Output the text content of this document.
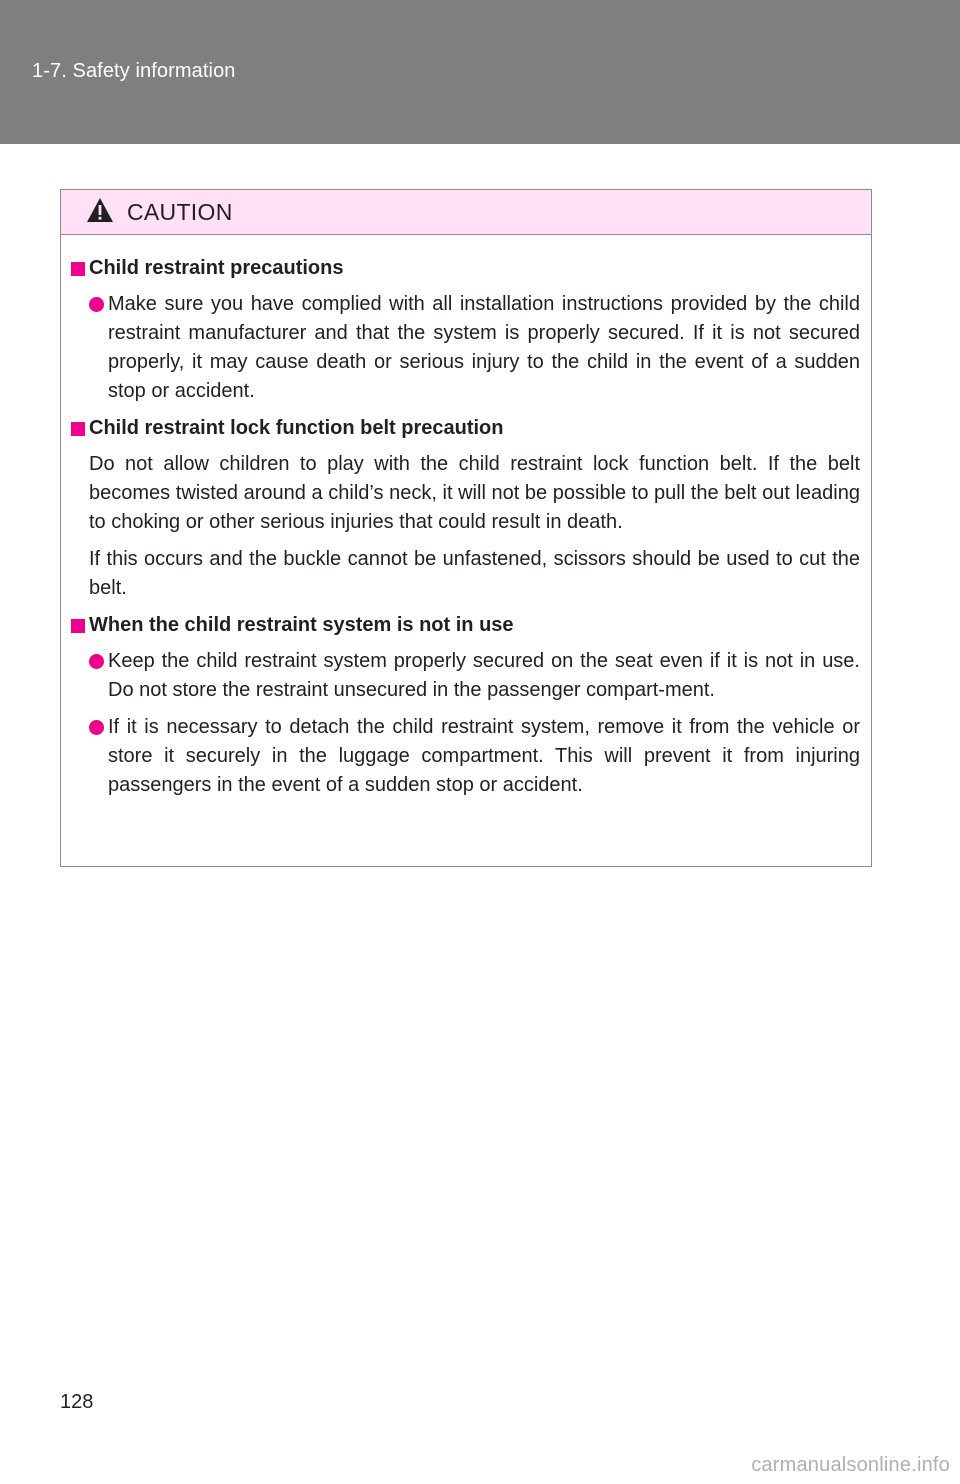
1-7. Safety information
CAUTION
Child restraint precautions
Make sure you have complied with all installation instructions provided by the child restraint manufacturer and that the system is properly secured. If it is not secured properly, it may cause death or serious injury to the child in the event of a sudden stop or accident.
Child restraint lock function belt precaution
Do not allow children to play with the child restraint lock function belt. If the belt becomes twisted around a child’s neck, it will not be possible to pull the belt out leading to choking or other serious injuries that could result in death.
If this occurs and the buckle cannot be unfastened, scissors should be used to cut the belt.
When the child restraint system is not in use
Keep the child restraint system properly secured on the seat even if it is not in use. Do not store the restraint unsecured in the passenger compart-ment.
If it is necessary to detach the child restraint system, remove it from the vehicle or store it securely in the luggage compartment. This will prevent it from injuring passengers in the event of a sudden stop or accident.
128
carmanualsonline.info
